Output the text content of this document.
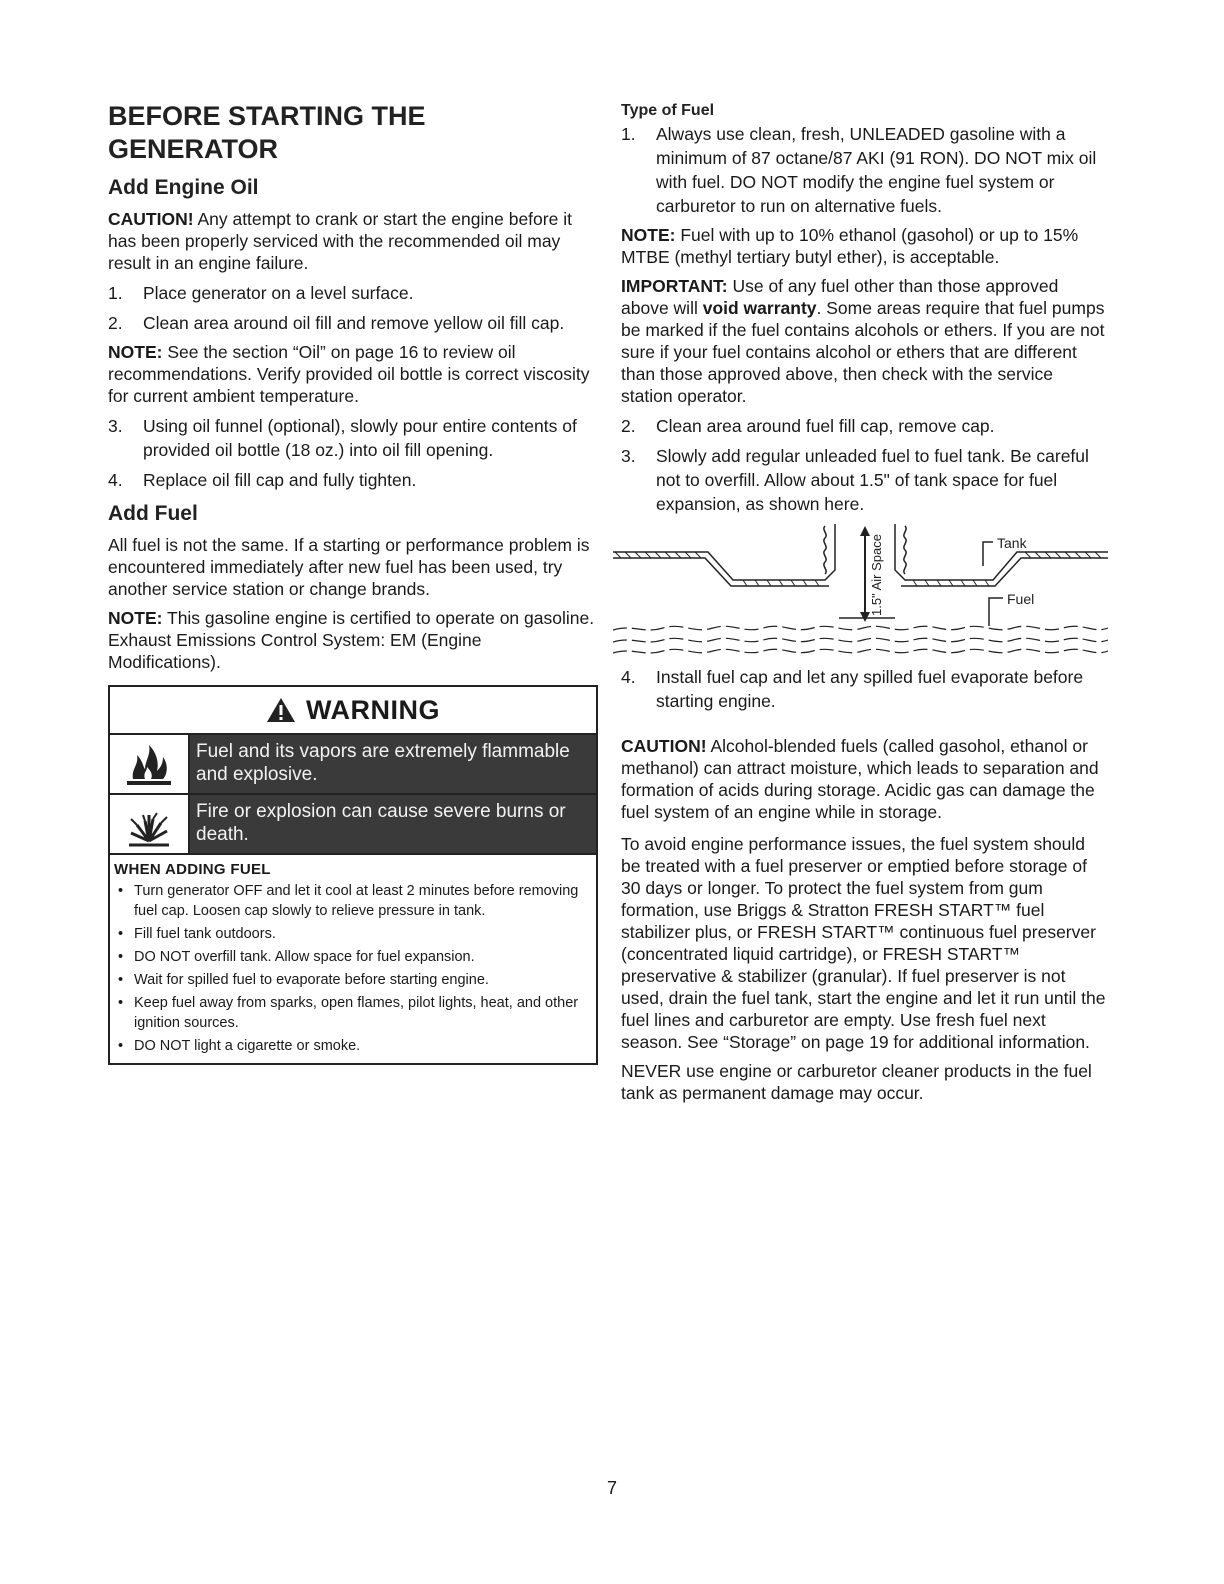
BEFORE STARTING THE GENERATOR
Add Engine Oil

CAUTION! Any attempt to crank or start the engine before it has been properly serviced with the recommended oil may result in an engine failure.

1. Place generator on a level surface.
2. Clean area around oil fill and remove yellow oil fill cap.

NOTE: See the section “Oil” on page 16 to review oil recommendations. Verify provided oil bottle is correct viscosity for current ambient temperature.

3. Using oil funnel (optional), slowly pour entire contents of provided oil bottle (18 oz.) into oil fill opening.
4. Replace oil fill cap and fully tighten.
Add Fuel

All fuel is not the same. If a starting or performance problem is encountered immediately after new fuel has been used, try another service station or change brands.

NOTE: This gasoline engine is certified to operate on gasoline. Exhaust Emissions Control System: EM (Engine Modifications).

WARNING
Fuel and its vapors are extremely flammable and explosive.
Fire or explosion can cause severe burns or death.
WHEN ADDING FUEL
• Turn generator OFF and let it cool at least 2 minutes before removing fuel cap. Loosen cap slowly to relieve pressure in tank.
• Fill fuel tank outdoors.
• DO NOT overfill tank. Allow space for fuel expansion.
• Wait for spilled fuel to evaporate before starting engine.
• Keep fuel away from sparks, open flames, pilot lights, heat, and other ignition sources.
• DO NOT light a cigarette or smoke.
Type of Fuel
1. Always use clean, fresh, UNLEADED gasoline with a minimum of 87 octane/87 AKI (91 RON). DO NOT mix oil with fuel. DO NOT modify the engine fuel system or carburetor to run on alternative fuels.

NOTE: Fuel with up to 10% ethanol (gasohol) or up to 15% MTBE (methyl tertiary butyl ether), is acceptable.

IMPORTANT: Use of any fuel other than those approved above will void warranty. Some areas require that fuel pumps be marked if the fuel contains alcohols or ethers. If you are not sure if your fuel contains alcohol or ethers that are different than those approved above, then check with the service station operator.

2. Clean area around fuel fill cap, remove cap.
3. Slowly add regular unleaded fuel to fuel tank. Be careful not to overfill. Allow about 1.5" of tank space for fuel expansion, as shown here.
1.5" Air Space	Tank
Fuel
4. Install fuel cap and let any spilled fuel evaporate before starting engine.

CAUTION! Alcohol-blended fuels (called gasohol, ethanol or methanol) can attract moisture, which leads to separation and formation of acids during storage. Acidic gas can damage the fuel system of an engine while in storage.

To avoid engine performance issues, the fuel system should be treated with a fuel preserver or emptied before storage of 30 days or longer. To protect the fuel system from gum formation, use Briggs & Stratton FRESH START™ fuel stabilizer plus, or FRESH START™ continuous fuel preserver (concentrated liquid cartridge), or FRESH START™ preservative & stabilizer (granular). If fuel preserver is not used, drain the fuel tank, start the engine and let it run until the fuel lines and carburetor are empty. Use fresh fuel next season. See “Storage” on page 19 for additional information.

NEVER use engine or carburetor cleaner products in the fuel tank as permanent damage may occur.

7
